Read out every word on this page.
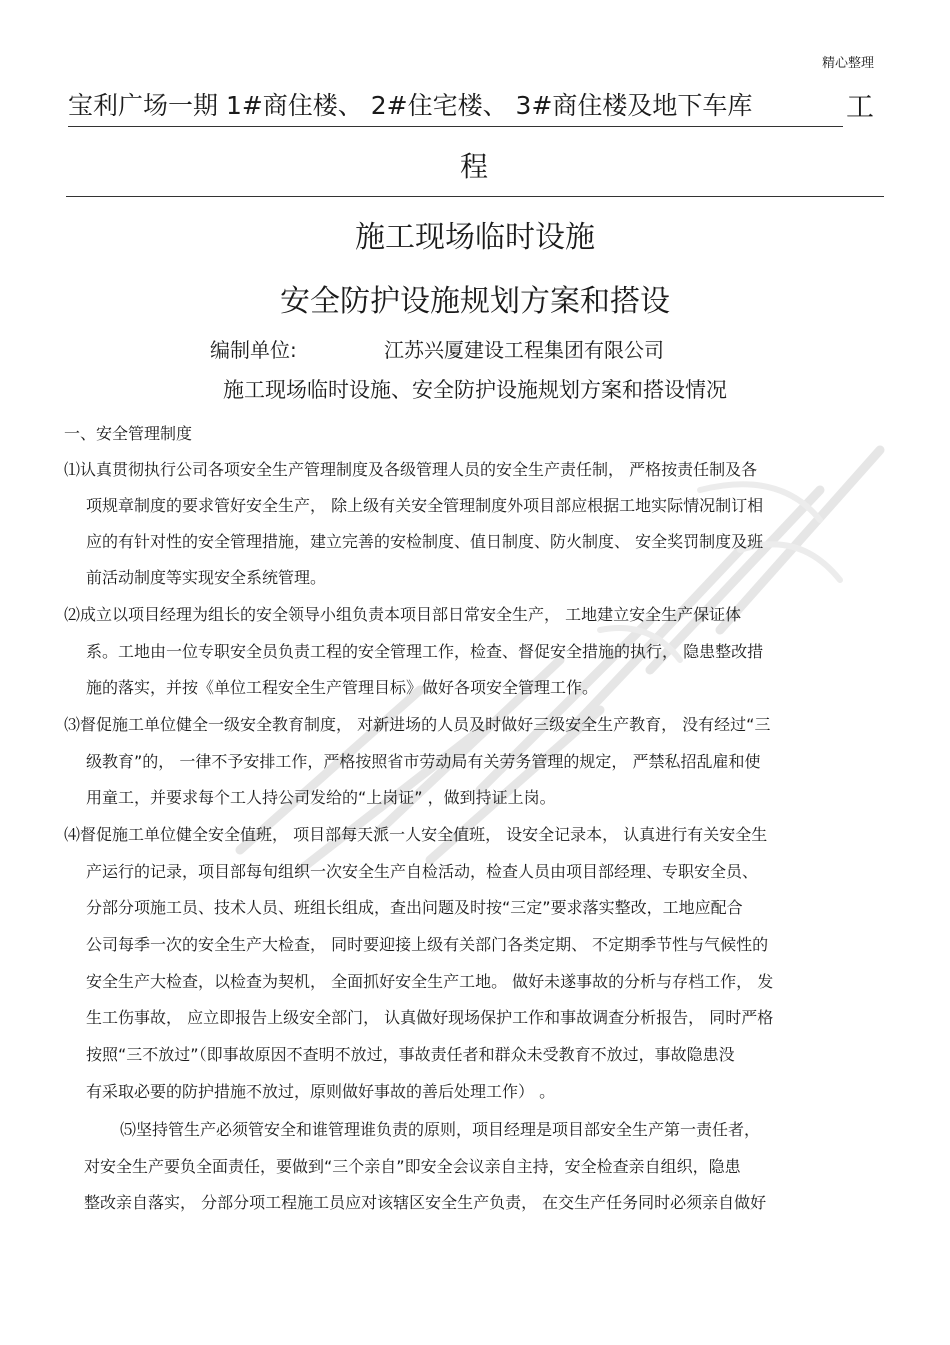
精心整理
宝利广场一期 1#商住楼、 2#住宅楼、 3#商住楼及地下车库	工
程
施工现场临时设施
安全防护设施规划方案和搭设
编制单位:	江苏兴厦建设工程集团有限公司
施工现场临时设施、安全防护设施规划方案和搭设情况
一、安全管理制度
⑴认真贯彻执行公司各项安全生产管理制度及各级管理人员的安全生产责任制， 严格按责任制及各
项规章制度的要求管好安全生产， 除上级有关安全管理制度外项目部应根据工地实际情况制订相
应的有针对性的安全管理措施，建立完善的安检制度、值日制度、防火制度、 安全奖罚制度及班
前活动制度等实现安全系统管理。
⑵成立以项目经理为组长的安全领导小组负责本项目部日常安全生产， 工地建立安全生产保证体
系。工地由一位专职安全员负责工程的安全管理工作，检查、督促安全措施的执行， 隐患整改措
施的落实，并按《单位工程安全生产管理目标》做好各项安全管理工作。
⑶督促施工单位健全一级安全教育制度， 对新进场的人员及时做好三级安全生产教育， 没有经过“三
级教育”的， 一律不予安排工作，严格按照省市劳动局有关劳务管理的规定， 严禁私招乱雇和使
用童工，并要求每个工人持公司发给的“上岗证” ，做到持证上岗。
⑷督促施工单位健全安全值班， 项目部每天派一人安全值班， 设安全记录本， 认真进行有关安全生
产运行的记录，项目部每旬组织一次安全生产自检活动，检查人员由项目部经理、专职安全员、
分部分项施工员、技术人员、班组长组成，查出问题及时按“三定”要求落实整改，工地应配合
公司每季一次的安全生产大检查， 同时要迎接上级有关部门各类定期、 不定期季节性与气候性的
安全生产大检查，以检查为契机， 全面抓好安全生产工地。 做好未遂事故的分析与存档工作， 发
生工伤事故， 应立即报告上级安全部门， 认真做好现场保护工作和事故调查分析报告， 同时严格
按照“三不放过”（即事故原因不查明不放过，事故责任者和群众未受教育不放过，事故隐患没
有采取必要的防护措施不放过，原则做好事故的善后处理工作） 。
⑸坚持管生产必须管安全和谁管理谁负责的原则，项目经理是项目部安全生产第一责任者，
对安全生产要负全面责任，要做到“三个亲自”即安全会议亲自主持，安全检查亲自组织，隐患
整改亲自落实， 分部分项工程施工员应对该辖区安全生产负责， 在交生产任务同时必须亲自做好
